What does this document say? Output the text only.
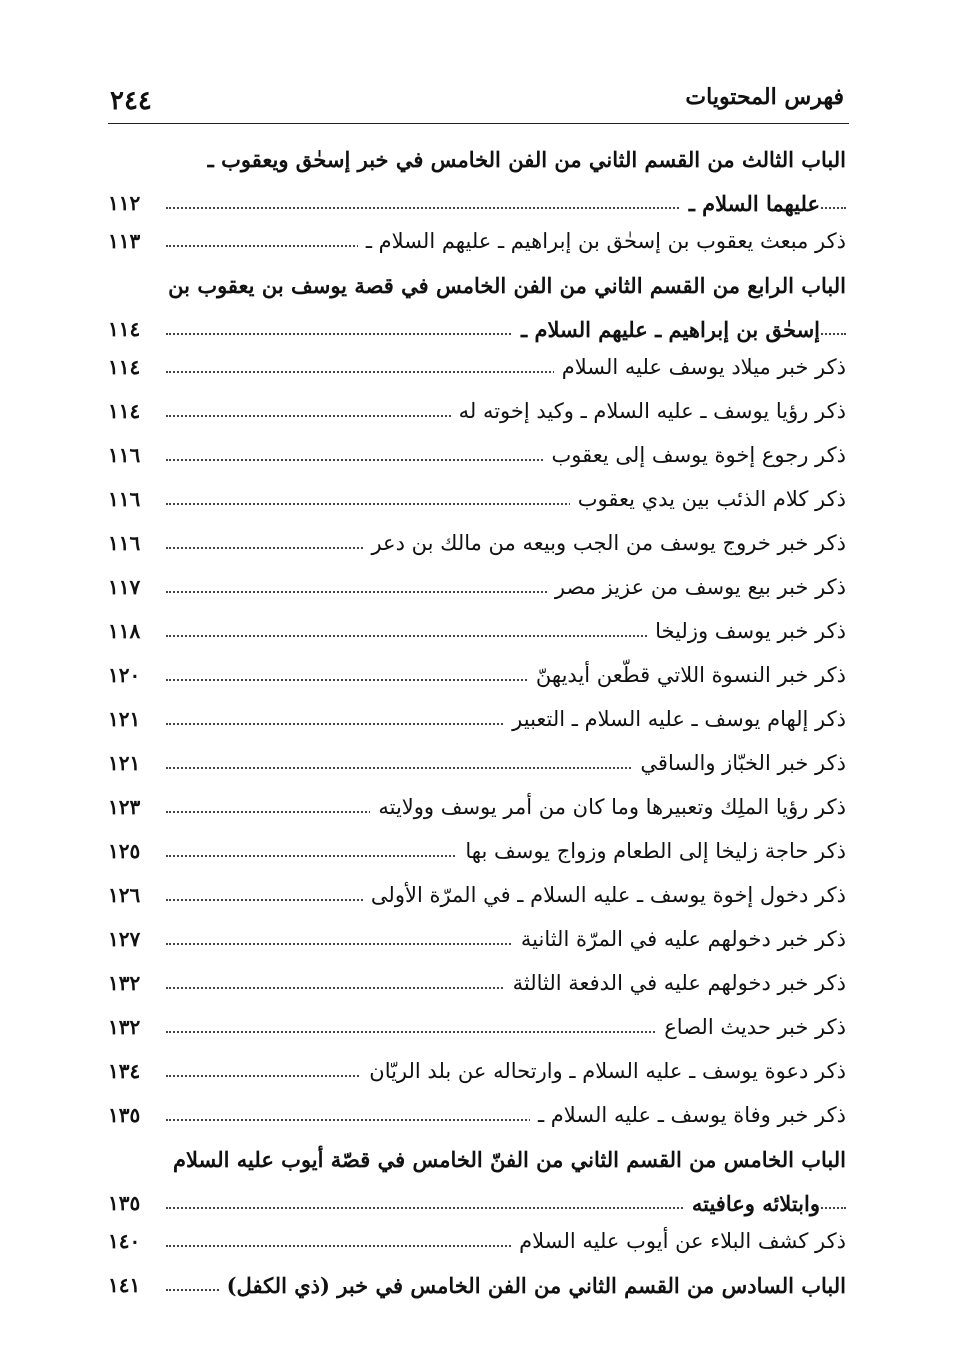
٢٤٤	فهرس المحتويات
الباب الثالث من القسم الثاني من الفن الخامس في خبر إسحٰق ويعقوب ـ
١١٢	عليهما السلام ـ
١١٣	ذكر مبعث يعقوب بن إسحٰق بن إبراهيم ـ عليهم السلام ـ
الباب الرابع من القسم الثاني من الفن الخامس في قصة يوسف بن يعقوب بن
١١٤	إسحٰق بن إبراهيم ـ عليهم السلام ـ
١١٤	ذكر خبر ميلاد يوسف عليه السلام
١١٤	ذكر رؤيا يوسف ـ عليه السلام ـ وكيد إخوته له
١١٦	ذكر رجوع إخوة يوسف إلى يعقوب
١١٦	ذكر كلام الذئب بين يدي يعقوب
١١٦	ذكر خبر خروج يوسف من الجب وبيعه من مالك بن دعر
١١٧	ذكر خبر بيع يوسف من عزيز مصر
١١٨	ذكر خبر يوسف وزليخا
١٢٠	ذكر خبر النسوة اللاتي قطّعن أيديهنّ
١٢١	ذكر إلهام يوسف ـ عليه السلام ـ التعبير
١٢١	ذكر خبر الخبّاز والساقي
١٢٣	ذكر رؤيا الملِك وتعبيرها وما كان من أمر يوسف وولايته
١٢٥	ذكر حاجة زليخا إلى الطعام وزواج يوسف بها
١٢٦	ذكر دخول إخوة يوسف ـ عليه السلام ـ في المرّة الأولى
١٢٧	ذكر خبر دخولهم عليه في المرّة الثانية
١٣٢	ذكر خبر دخولهم عليه في الدفعة الثالثة
١٣٢	ذكر خبر حديث الصاع
١٣٤	ذكر دعوة يوسف ـ عليه السلام ـ وارتحاله عن بلد الريّان
١٣٥	ذكر خبر وفاة يوسف ـ عليه السلام ـ
الباب الخامس من القسم الثاني من الفنّ الخامس في قصّة أيوب عليه السلام
١٣٥	وابتلائه وعافيته
١٤٠	ذكر كشف البلاء عن أيوب عليه السلام
١٤١	الباب السادس من القسم الثاني من الفن الخامس في خبر (ذي الكفل)
